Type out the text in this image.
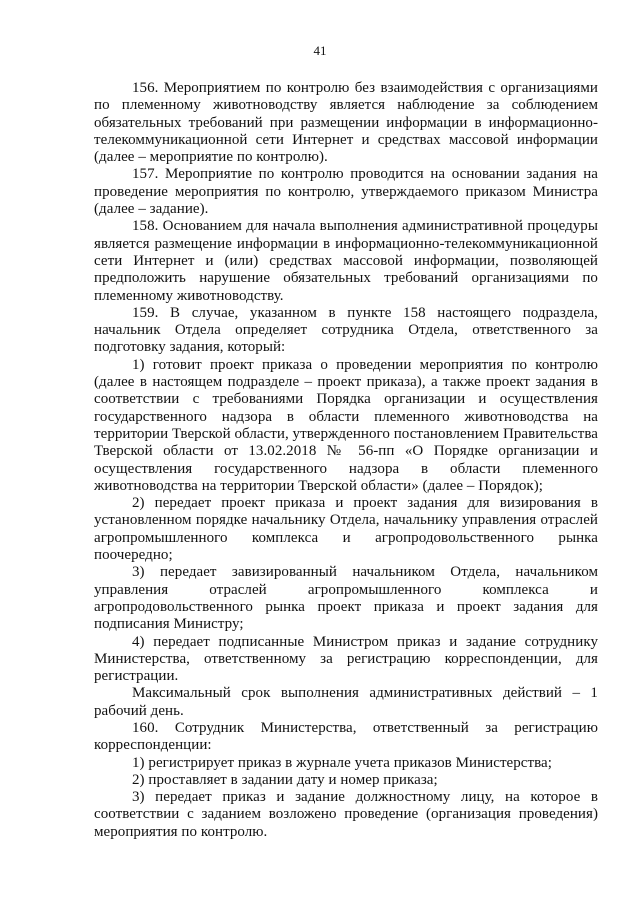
41

156. Мероприятием по контролю без взаимодействия с организациями по племенному животноводству является наблюдение за соблюдением обязательных требований при размещении информации в информационно-телекоммуникационной сети Интернет и средствах массовой информации (далее – мероприятие по контролю).

157. Мероприятие по контролю проводится на основании задания на проведение мероприятия по контролю, утверждаемого приказом Министра (далее – задание).

158. Основанием для начала выполнения административной процедуры является размещение информации в информационно-телекоммуникационной сети Интернет и (или) средствах массовой информации, позволяющей предположить нарушение обязательных требований организациями по племенному животноводству.

159. В случае, указанном в пункте 158 настоящего подраздела, начальник Отдела определяет сотрудника Отдела, ответственного за подготовку задания, который:

1) готовит проект приказа о проведении мероприятия по контролю (далее в настоящем подразделе – проект приказа), а также проект задания в соответствии с требованиями Порядка организации и осуществления государственного надзора в области племенного животноводства на территории Тверской области, утвержденного постановлением Правительства Тверской области от 13.02.2018 № 56-пп «О Порядке организации и осуществления государственного надзора в области племенного животноводства на территории Тверской области» (далее – Порядок);

2) передает проект приказа и проект задания для визирования в установленном порядке начальнику Отдела, начальнику управления отраслей агропромышленного комплекса и агропродовольственного рынка поочередно;

3) передает завизированный начальником Отдела, начальником управления отраслей агропромышленного комплекса и агропродовольственного рынка проект приказа и проект задания для подписания Министру;

4) передает подписанные Министром приказ и задание сотруднику Министерства, ответственному за регистрацию корреспонденции, для регистрации.

Максимальный срок выполнения административных действий – 1 рабочий день.

160. Сотрудник Министерства, ответственный за регистрацию корреспонденции:

1) регистрирует приказ в журнале учета приказов Министерства;

2) проставляет в задании дату и номер приказа;

3) передает приказ и задание должностному лицу, на которое в соответствии с заданием возложено проведение (организация проведения) мероприятия по контролю.
